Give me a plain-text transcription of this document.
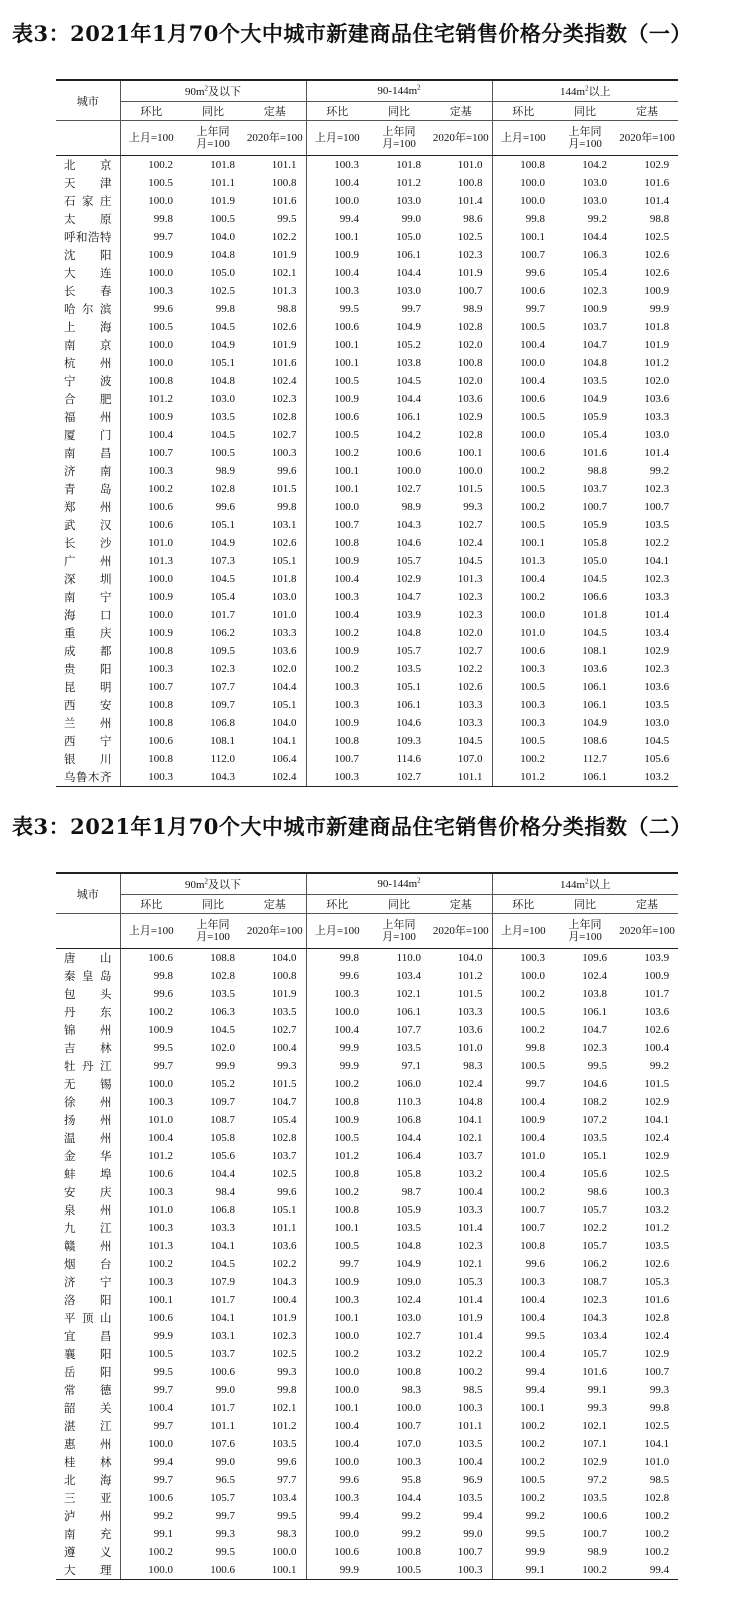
表3：2021年1月70个大中城市新建商品住宅销售价格分类指数（一）
城市	$90m^2$及以下			$90-144m^2$			$144m^2$以上		
	环比	同比	定基	环比	同比	定基	环比	同比	定基
	上月=100	上年同
月=100	2020年=100	上月=100	上年同
月=100	2020年=100	上月=100	上年同
月=100	2020年=100
北京	100.2	101.8	101.1	100.3	101.8	101.0	100.8	104.2	102.9
天津	100.5	101.1	100.8	100.4	101.2	100.8	100.0	103.0	101.6
石家庄	100.0	101.9	101.6	100.0	103.0	101.4	100.0	103.0	101.4
太原	99.8	100.5	99.5	99.4	99.0	98.6	99.8	99.2	98.8
呼和浩特	99.7	104.0	102.2	100.1	105.0	102.5	100.1	104.4	102.5
沈阳	100.9	104.8	101.9	100.9	106.1	102.3	100.7	106.3	102.6
大连	100.0	105.0	102.1	100.4	104.4	101.9	99.6	105.4	102.6
长春	100.3	102.5	101.3	100.3	103.0	100.7	100.6	102.3	100.9
哈尔滨	99.6	99.8	98.8	99.5	99.7	98.9	99.7	100.9	99.9
上海	100.5	104.5	102.6	100.6	104.9	102.8	100.5	103.7	101.8
南京	100.0	104.9	101.9	100.1	105.2	102.0	100.4	104.7	101.9
杭州	100.0	105.1	101.6	100.1	103.8	100.8	100.0	104.8	101.2
宁波	100.8	104.8	102.4	100.5	104.5	102.0	100.4	103.5	102.0
合肥	101.2	103.0	102.3	100.9	104.4	103.6	100.6	104.9	103.6
福州	100.9	103.5	102.8	100.6	106.1	102.9	100.5	105.9	103.3
厦门	100.4	104.5	102.7	100.5	104.2	102.8	100.0	105.4	103.0
南昌	100.7	100.5	100.3	100.2	100.6	100.1	100.6	101.6	101.4
济南	100.3	98.9	99.6	100.1	100.0	100.0	100.2	98.8	99.2
青岛	100.2	102.8	101.5	100.1	102.7	101.5	100.5	103.7	102.3
郑州	100.6	99.6	99.8	100.0	98.9	99.3	100.2	100.7	100.7
武汉	100.6	105.1	103.1	100.7	104.3	102.7	100.5	105.9	103.5
长沙	101.0	104.9	102.6	100.8	104.6	102.4	100.1	105.8	102.2
广州	101.3	107.3	105.1	100.9	105.7	104.5	101.3	105.0	104.1
深圳	100.0	104.5	101.8	100.4	102.9	101.3	100.4	104.5	102.3
南宁	100.9	105.4	103.0	100.3	104.7	102.3	100.2	106.6	103.3
海口	100.0	101.7	101.0	100.4	103.9	102.3	100.0	101.8	101.4
重庆	100.9	106.2	103.3	100.2	104.8	102.0	101.0	104.5	103.4
成都	100.8	109.5	103.6	100.9	105.7	102.7	100.6	108.1	102.9
贵阳	100.3	102.3	102.0	100.2	103.5	102.2	100.3	103.6	102.3
昆明	100.7	107.7	104.4	100.3	105.1	102.6	100.5	106.1	103.6
西安	100.8	109.7	105.1	100.3	106.1	103.3	100.3	106.1	103.5
兰州	100.8	106.8	104.0	100.9	104.6	103.3	100.3	104.9	103.0
西宁	100.6	108.1	104.1	100.8	109.3	104.5	100.5	108.6	104.5
银川	100.8	112.0	106.4	100.7	114.6	107.0	100.2	112.7	105.6
乌鲁木齐	100.3	104.3	102.4	100.3	102.7	101.1	101.2	106.1	103.2
表3：2021年1月70个大中城市新建商品住宅销售价格分类指数（二）
城市	$90m^2$及以下			$90-144m^2$			$144m^2$以上		
	环比	同比	定基	环比	同比	定基	环比	同比	定基
	上月=100	上年同
月=100	2020年=100	上月=100	上年同
月=100	2020年=100	上月=100	上年同
月=100	2020年=100
唐山	100.6	108.8	104.0	99.8	110.0	104.0	100.3	109.6	103.9
秦皇岛	99.8	102.8	100.8	99.6	103.4	101.2	100.0	102.4	100.9
包头	99.6	103.5	101.9	100.3	102.1	101.5	100.2	103.8	101.7
丹东	100.2	106.3	103.5	100.0	106.1	103.3	100.5	106.1	103.6
锦州	100.9	104.5	102.7	100.4	107.7	103.6	100.2	104.7	102.6
吉林	99.5	102.0	100.4	99.9	103.5	101.0	99.8	102.3	100.4
牡丹江	99.7	99.9	99.3	99.9	97.1	98.3	100.5	99.5	99.2
无锡	100.0	105.2	101.5	100.2	106.0	102.4	99.7	104.6	101.5
徐州	100.3	109.7	104.7	100.8	110.3	104.8	100.4	108.2	102.9
扬州	101.0	108.7	105.4	100.9	106.8	104.1	100.9	107.2	104.1
温州	100.4	105.8	102.8	100.5	104.4	102.1	100.4	103.5	102.4
金华	101.2	105.6	103.7	101.2	106.4	103.7	101.0	105.1	102.9
蚌埠	100.6	104.4	102.5	100.8	105.8	103.2	100.4	105.6	102.5
安庆	100.3	98.4	99.6	100.2	98.7	100.4	100.2	98.6	100.3
泉州	101.0	106.8	105.1	100.8	105.9	103.3	100.7	105.7	103.2
九江	100.3	103.3	101.1	100.1	103.5	101.4	100.7	102.2	101.2
赣州	101.3	104.1	103.6	100.5	104.8	102.3	100.8	105.7	103.5
烟台	100.2	104.5	102.2	99.7	104.9	102.1	99.6	106.2	102.6
济宁	100.3	107.9	104.3	100.9	109.0	105.3	100.3	108.7	105.3
洛阳	100.1	101.7	100.4	100.3	102.4	101.4	100.4	102.3	101.6
平顶山	100.6	104.1	101.9	100.1	103.0	101.9	100.4	104.3	102.8
宜昌	99.9	103.1	102.3	100.0	102.7	101.4	99.5	103.4	102.4
襄阳	100.5	103.7	102.5	100.2	103.2	102.2	100.4	105.7	102.9
岳阳	99.5	100.6	99.3	100.0	100.8	100.2	99.4	101.6	100.7
常德	99.7	99.0	99.8	100.0	98.3	98.5	99.4	99.1	99.3
韶关	100.4	101.7	102.1	100.1	100.0	100.3	100.1	99.3	99.8
湛江	99.7	101.1	101.2	100.4	100.7	101.1	100.2	102.1	102.5
惠州	100.0	107.6	103.5	100.4	107.0	103.5	100.2	107.1	104.1
桂林	99.4	99.0	99.6	100.0	100.3	100.4	100.2	102.9	101.0
北海	99.7	96.5	97.7	99.6	95.8	96.9	100.5	97.2	98.5
三亚	100.6	105.7	103.4	100.3	104.4	103.5	100.2	103.5	102.8
泸州	99.2	99.7	99.5	99.4	99.2	99.4	99.2	100.6	100.2
南充	99.1	99.3	98.3	100.0	99.2	99.0	99.5	100.7	100.2
遵义	100.2	99.5	100.0	100.6	100.8	100.7	99.9	98.9	100.2
大理	100.0	100.6	100.1	99.9	100.5	100.3	99.1	100.2	99.4
